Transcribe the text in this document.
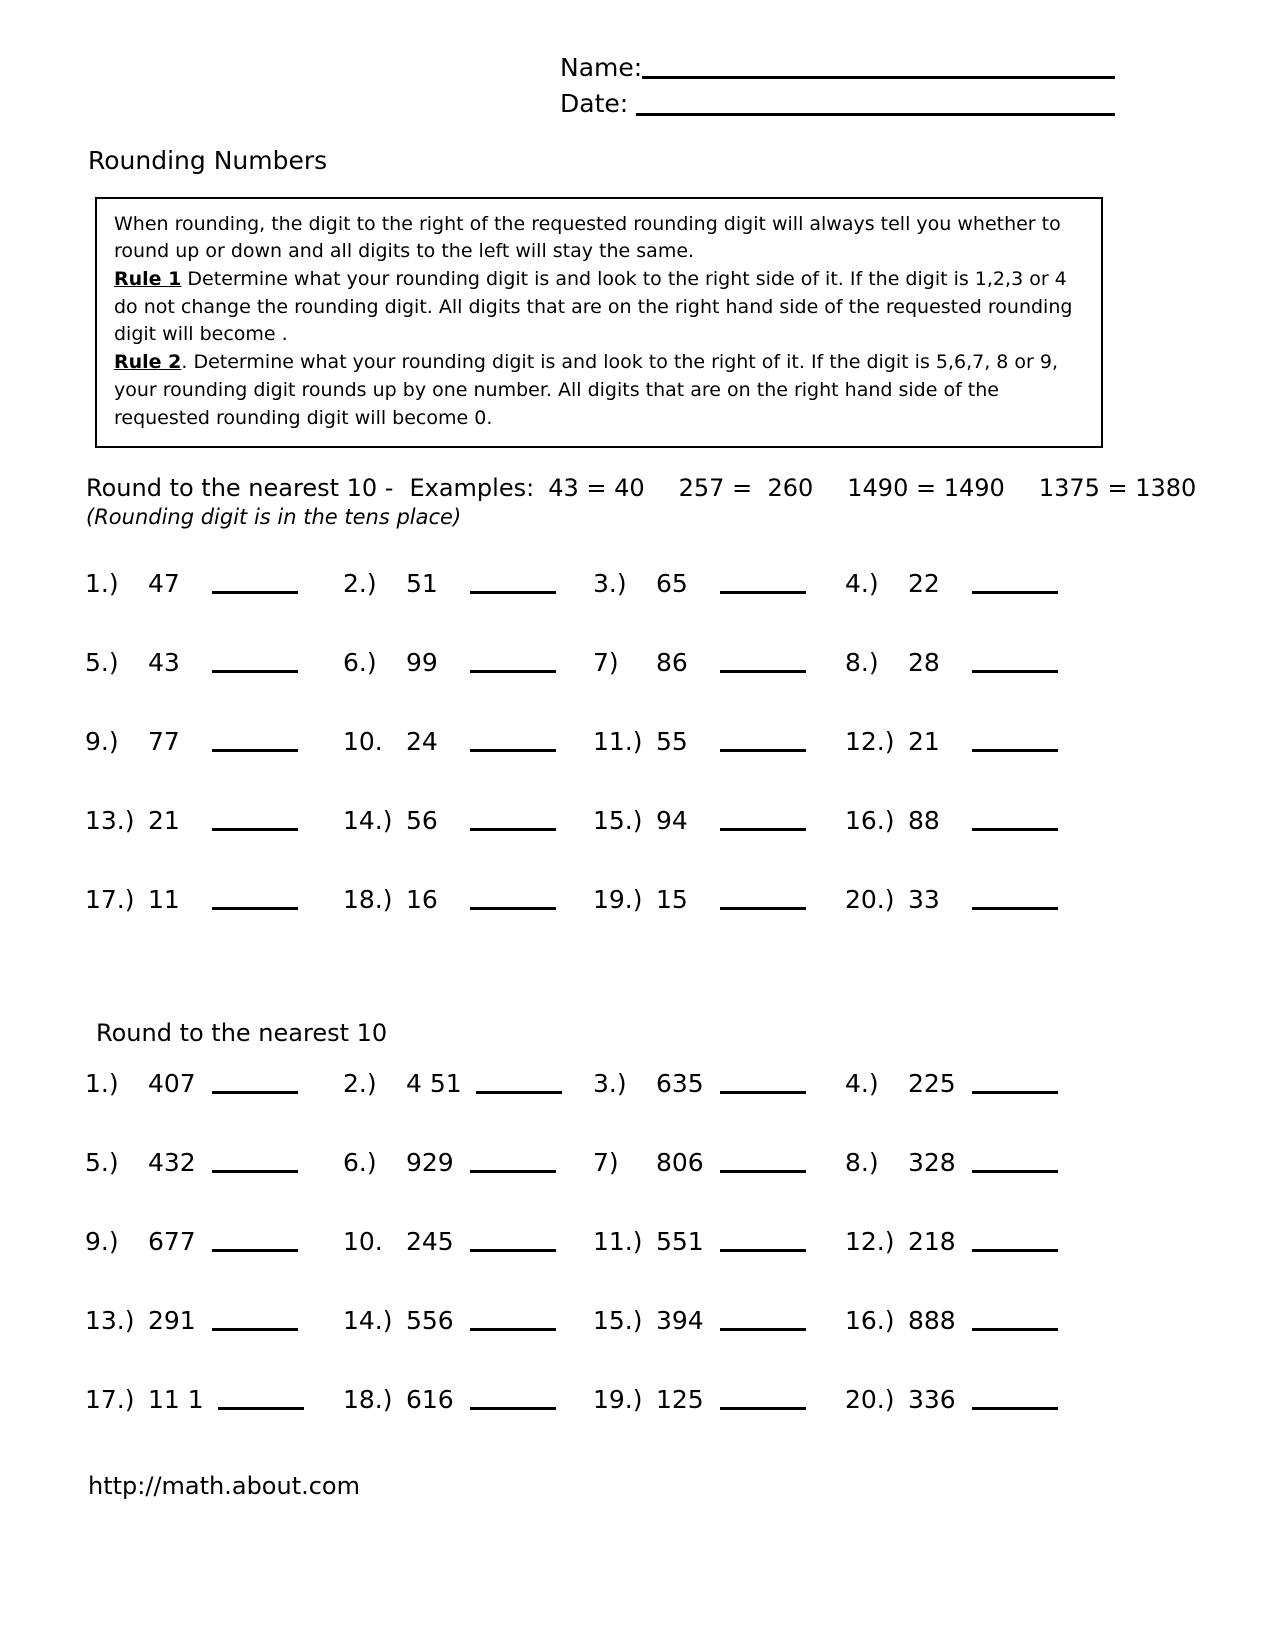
Name:
Date:
Rounding Numbers

When rounding, the digit to the right of the requested rounding digit will always tell you whether to round up or down and all digits to the left will stay the same.

Rule 1 Determine what your rounding digit is and look to the right side of it. If the digit is 1,2,3 or 4 do not change the rounding digit. All digits that are on the right hand side of the requested rounding digit will become .

Rule 2. Determine what your rounding digit is and look to the right of it. If the digit is 5,6,7, 8 or 9, your rounding digit rounds up by one number. All digits that are on the right hand side of the requested rounding digit will become 0.

Round to the nearest 10 - Examples: 43 = 40 257 =  260 1490 = 1490 1375 = 1380
(Rounding digit is in the tens place)
1.)	47	2.)	51	3.)	65	4.)	22
5.)	43	6.)	99	7)	86	8.)	28
9.)	77	10. 24	11.) 55	12.) 21
13.) 21	14.) 56	15.) 94	16.) 88
17.) 11	18.) 16	19.) 15	20.) 33
Round to the nearest 10
1.)	407	2.)	4 51	3.)	635	4.)	225
5.)	432	6.)	929	7)	806	8.)	328
9.)	677	10. 245	11.) 551	12.) 218
13.) 291	14.) 556	15.) 394	16.) 888
17.) 11 1	18.) 616	19.) 125	20.) 336
http://math.about.com
